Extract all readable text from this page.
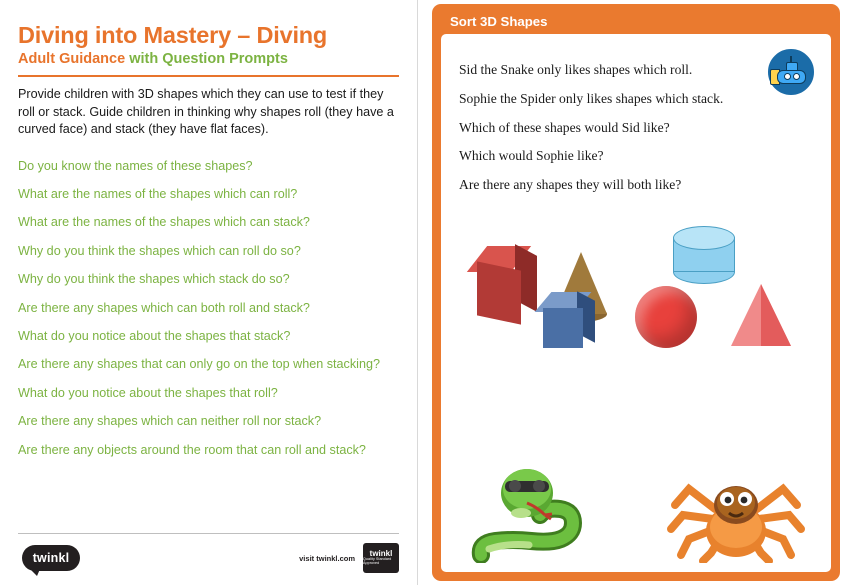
Diving into Mastery – Diving
Adult Guidance with Question Prompts
Provide children with 3D shapes which they can use to test if they roll or stack. Guide children in thinking why shapes roll (they have a curved face) and stack (they have flat faces).
Do you know the names of these shapes?
What are the names of the shapes which can roll?
What are the names of the shapes which can stack?
Why do you think the shapes which can roll do so?
Why do you think the shapes which stack do so?
Are there any shapes which can both roll and stack?
What do you notice about the shapes that stack?
Are there any shapes that can only go on the top when stacking?
What do you notice about the shapes that roll?
Are there any shapes which can neither roll nor stack?
Are there any objects around the room that can roll and stack?
twinkl	visit twinkl.com
twinkl
Quality Standard Approved
Sort 3D Shapes
Sid the Snake only likes shapes which roll.
Sophie the Spider only likes shapes which stack.
Which of these shapes would Sid like?
Which would Sophie like?
Are there any shapes they will both like?
